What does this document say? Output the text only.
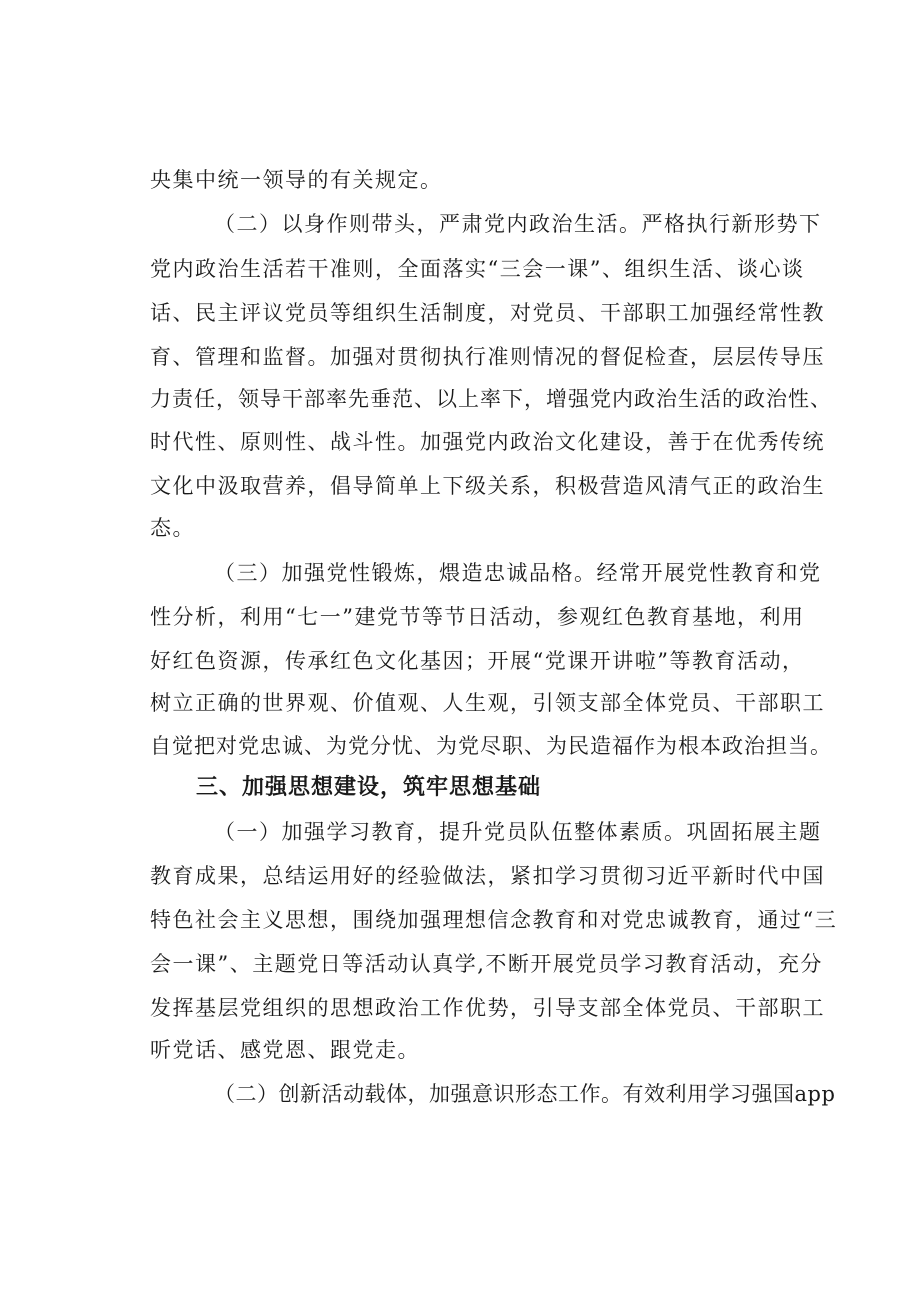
央集中统一领导的有关规定。
（二）以身作则带头，严肃党内政治生活。严格执行新形势下
党内政治生活若干准则，全面落实“三会一课”、组织生活、谈心谈
话、民主评议党员等组织生活制度，对党员、干部职工加强经常性教
育、管理和监督。加强对贯彻执行准则情况的督促检查，层层传导压
力责任，领导干部率先垂范、以上率下，增强党内政治生活的政治性、
时代性、原则性、战斗性。加强党内政治文化建设，善于在优秀传统
文化中汲取营养，倡导简单上下级关系，积极营造风清气正的政治生
态。
（三）加强党性锻炼，煨造忠诚品格。经常开展党性教育和党
性分析，利用“七一”建党节等节日活动，参观红色教育基地，利用
好红色资源，传承红色文化基因；开展“党课开讲啦”等教育活动，
树立正确的世界观、价值观、人生观，引领支部全体党员、干部职工
自觉把对党忠诚、为党分忧、为党尽职、为民造福作为根本政治担当。
三、加强思想建设，筑牢思想基础
（一）加强学习教育，提升党员队伍整体素质。巩固拓展主题
教育成果，总结运用好的经验做法，紧扣学习贯彻习近平新时代中国
特色社会主义思想，围绕加强理想信念教育和对党忠诚教育，通过“三
会一课”、主题党日等活动认真学,不断开展党员学习教育活动，充分
发挥基层党组织的思想政治工作优势，引导支部全体党员、干部职工
听党话、感党恩、跟党走。
（二）创新活动载体，加强意识形态工作。有效利用学习强国app
